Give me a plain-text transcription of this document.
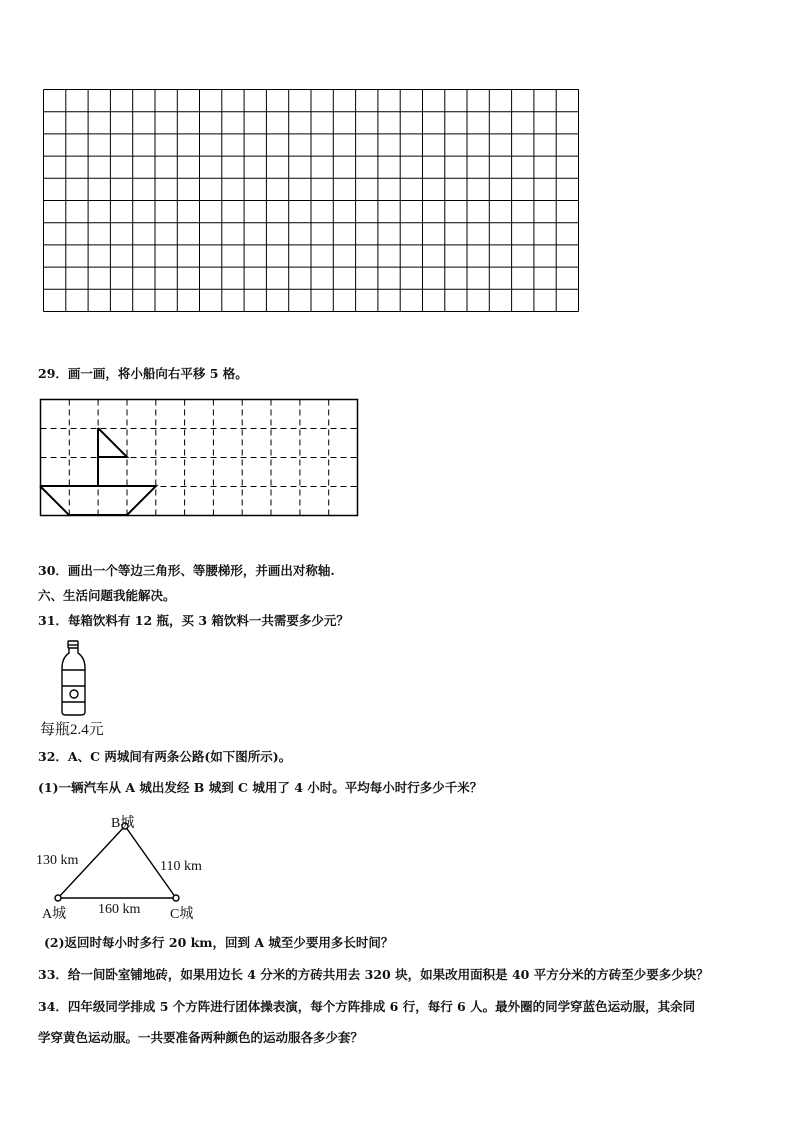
29．画一画，将小船向右平移 5 格。
30．画出一个等边三角形、等腰梯形，并画出对称轴.
六、生活问题我能解决。
31．每箱饮料有 12 瓶，买 3 箱饮料一共需要多少元？
每瓶2.4元
32．A、C 两城间有两条公路(如下图所示)。
(1)一辆汽车从 A 城出发经 B 城到 C 城用了 4 小时。平均每小时行多少千米？
B城
130 km	110 km
A城 160 km C城
(2)返回时每小时多行 20 km，回到 A 城至少要用多长时间？
33．给一间卧室铺地砖，如果用边长 4 分米的方砖共用去 320 块，如果改用面积是 40 平方分米的方砖至少要多少块？
34．四年级同学排成 5 个方阵进行团体操表演，每个方阵排成 6 行，每行 6 人。最外圈的同学穿蓝色运动服，其余同
学穿黄色运动服。一共要准备两种颜色的运动服各多少套？
